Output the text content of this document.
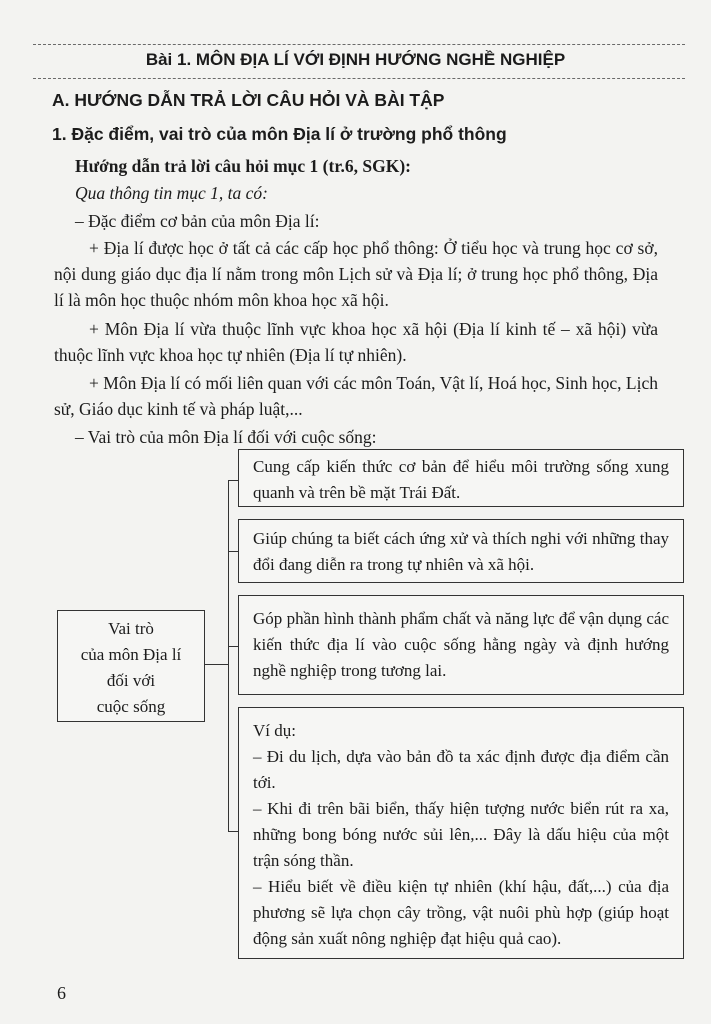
Bài 1. MÔN ĐỊA LÍ VỚI ĐỊNH HƯỚNG NGHỀ NGHIỆP
A. HƯỚNG DẪN TRẢ LỜI CÂU HỎI VÀ BÀI TẬP
1. Đặc điểm, vai trò của môn Địa lí ở trường phổ thông
Hướng dẫn trả lời câu hỏi mục 1 (tr.6, SGK):
Qua thông tin mục 1, ta có:
– Đặc điểm cơ bản của môn Địa lí:
+ Địa lí được học ở tất cả các cấp học phổ thông: Ở tiểu học và trung học cơ sở, nội dung giáo dục địa lí nằm trong môn Lịch sử và Địa lí; ở trung học phổ thông, Địa lí là môn học thuộc nhóm môn khoa học xã hội.
+ Môn Địa lí vừa thuộc lĩnh vực khoa học xã hội (Địa lí kinh tế – xã hội) vừa thuộc lĩnh vực khoa học tự nhiên (Địa lí tự nhiên).
+ Môn Địa lí có mối liên quan với các môn Toán, Vật lí, Hoá học, Sinh học, Lịch sử, Giáo dục kinh tế và pháp luật,...
– Vai trò của môn Địa lí đối với cuộc sống:
Vai trò
của môn Địa lí
đối với
cuộc sống
Cung cấp kiến thức cơ bản để hiểu môi trường sống xung quanh và trên bề mặt Trái Đất.
Giúp chúng ta biết cách ứng xử và thích nghi với những thay đổi đang diễn ra trong tự nhiên và xã hội.
Góp phần hình thành phẩm chất và năng lực để vận dụng các kiến thức địa lí vào cuộc sống hằng ngày và định hướng nghề nghiệp trong tương lai.
Ví dụ:
– Đi du lịch, dựa vào bản đồ ta xác định được địa điểm cần tới.
– Khi đi trên bãi biển, thấy hiện tượng nước biển rút ra xa, những bong bóng nước sủi lên,... Đây là dấu hiệu của một trận sóng thần.
– Hiểu biết về điều kiện tự nhiên (khí hậu, đất,...) của địa phương sẽ lựa chọn cây trồng, vật nuôi phù hợp (giúp hoạt động sản xuất nông nghiệp đạt hiệu quả cao).
6
